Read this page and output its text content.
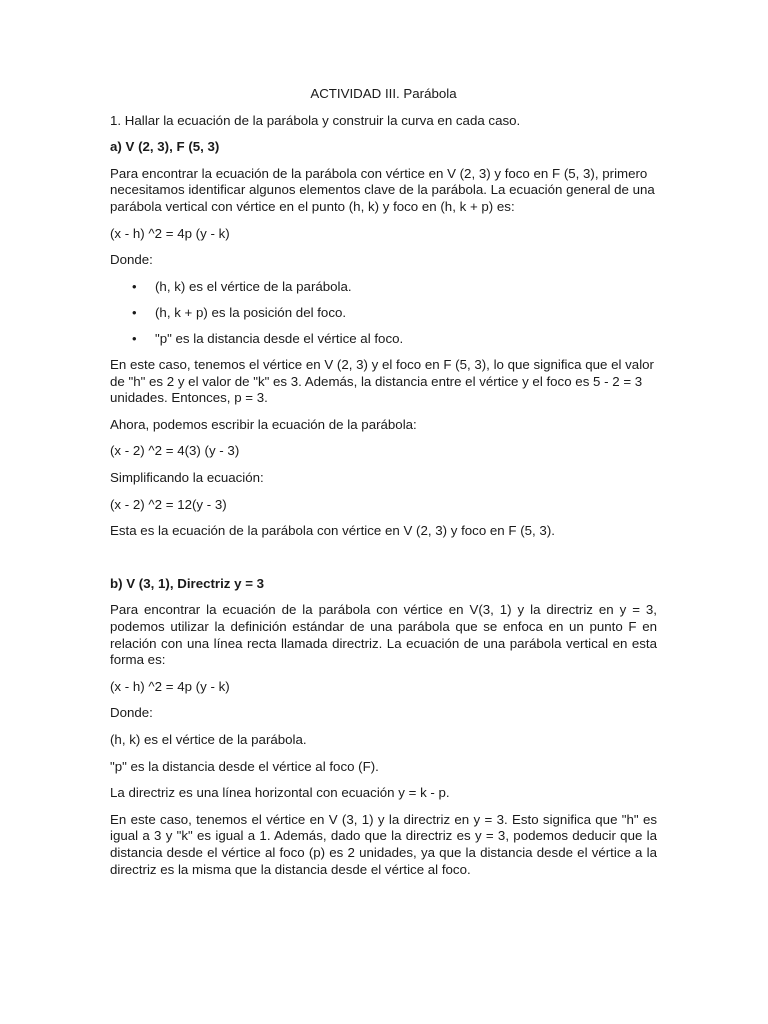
ACTIVIDAD III. Parábola

1. Hallar la ecuación de la parábola y construir la curva en cada caso.

a) V (2, 3), F (5, 3)

Para encontrar la ecuación de la parábola con vértice en V (2, 3) y foco en F (5, 3), primero necesitamos identificar algunos elementos clave de la parábola. La ecuación general de una parábola vertical con vértice en el punto (h, k) y foco en (h, k + p) es:

(x - h) ^2 = 4p (y - k)

Donde:

• (h, k) es el vértice de la parábola.
• (h, k + p) es la posición del foco.
• "p" es la distancia desde el vértice al foco.

En este caso, tenemos el vértice en V (2, 3) y el foco en F (5, 3), lo que significa que el valor de "h" es 2 y el valor de "k" es 3. Además, la distancia entre el vértice y el foco es 5 - 2 = 3 unidades. Entonces, p = 3.

Ahora, podemos escribir la ecuación de la parábola:

(x - 2) ^2 = 4(3) (y - 3)

Simplificando la ecuación:

(x - 2) ^2 = 12(y - 3)

Esta es la ecuación de la parábola con vértice en V (2, 3) y foco en F (5, 3).

b) V (3, 1), Directriz y = 3

Para encontrar la ecuación de la parábola con vértice en V(3, 1) y la directriz en y = 3, podemos utilizar la definición estándar de una parábola que se enfoca en un punto F en relación con una línea recta llamada directriz. La ecuación de una parábola vertical en esta forma es:

(x - h) ^2 = 4p (y - k)

Donde:

(h, k) es el vértice de la parábola.

"p" es la distancia desde el vértice al foco (F).

La directriz es una línea horizontal con ecuación y = k - p.

En este caso, tenemos el vértice en V (3, 1) y la directriz en y = 3. Esto significa que "h" es igual a 3 y "k" es igual a 1. Además, dado que la directriz es y = 3, podemos deducir que la distancia desde el vértice al foco (p) es 2 unidades, ya que la distancia desde el vértice a la directriz es la misma que la distancia desde el vértice al foco.
